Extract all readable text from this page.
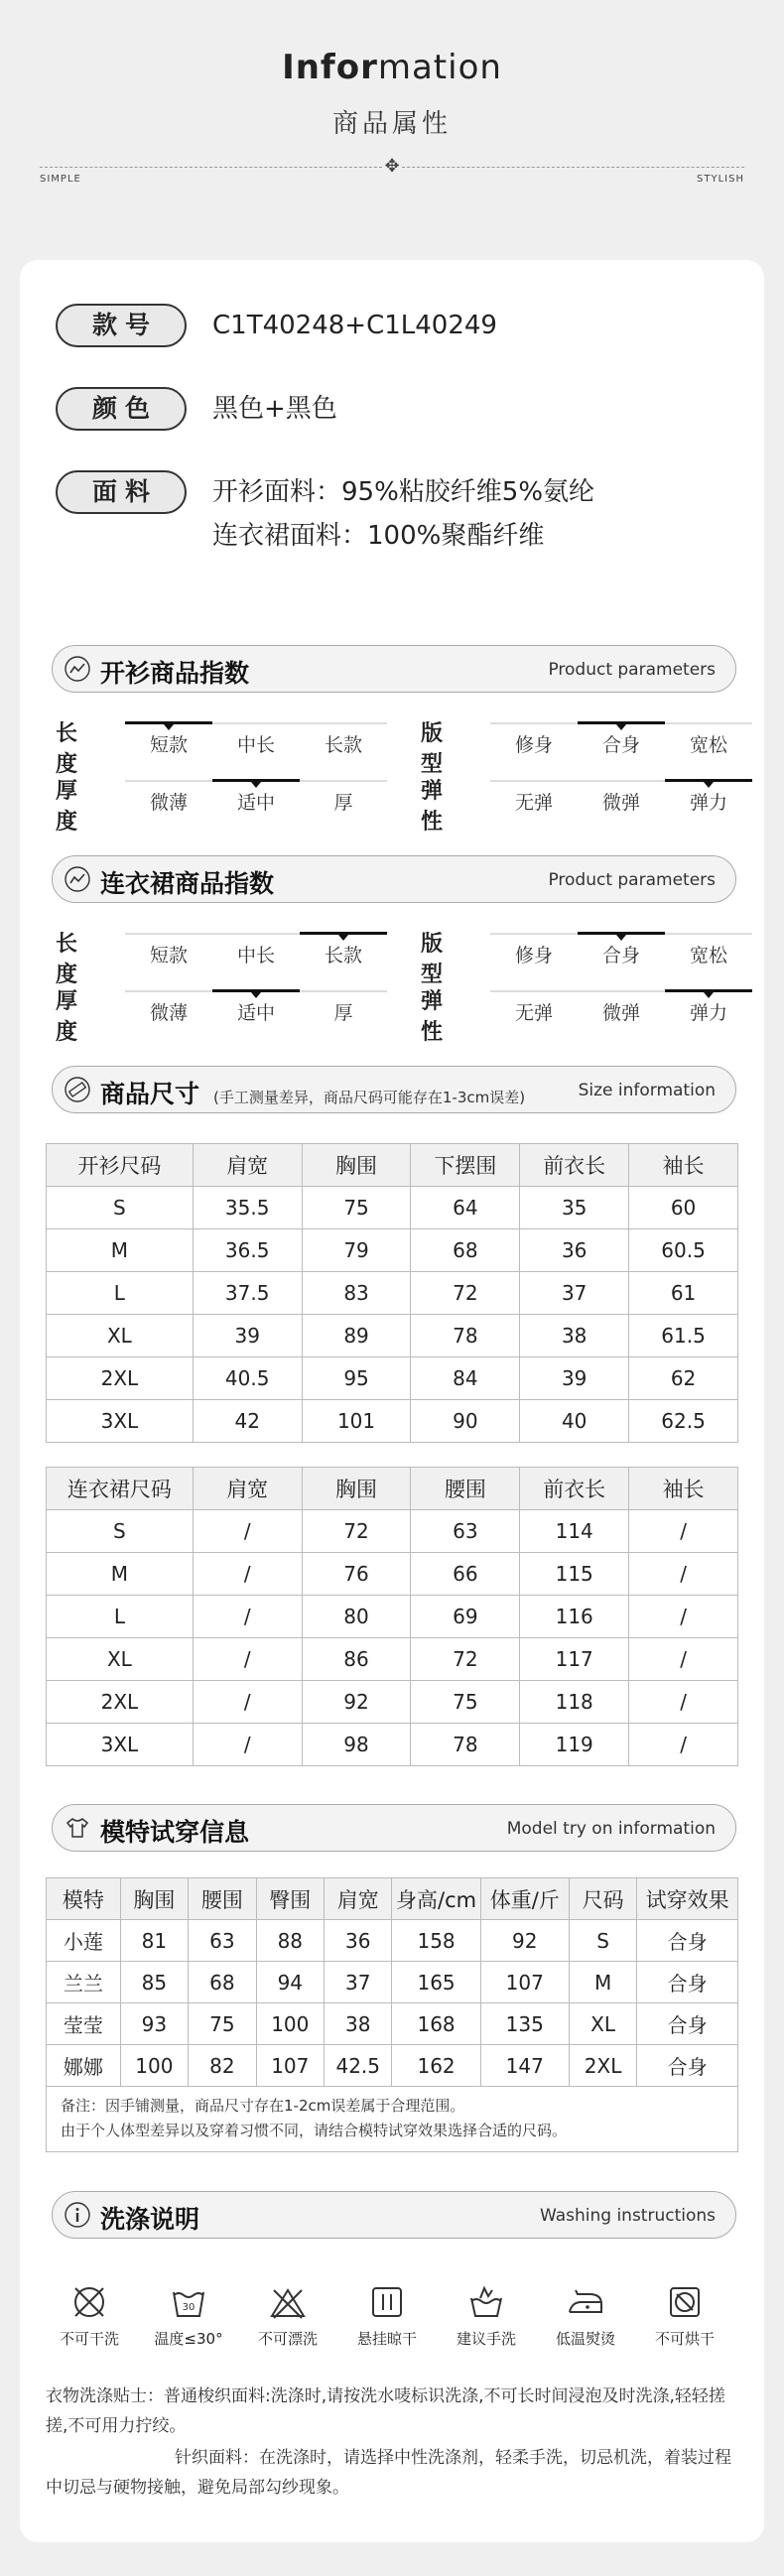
Information
商品属性
✥
SIMPLE	STYLISH
款号	C1T40248+C1L40249
颜色	黑色+黑色
面料	开衫面料：95%粘胶纤维5%氨纶
连衣裙面料：100%聚酯纤维
开衫商品指数	Product parameters
长度
短款	中长	长款	版型
修身	合身	宽松
厚度
微薄	适中	厚	弹性
无弹	微弹	弹力
连衣裙商品指数	Product parameters
长度
短款	中长	长款	版型
修身	合身	宽松
厚度
微薄	适中	厚	弹性
无弹	微弹	弹力
商品尺寸 (手工测量差异，商品尺码可能存在1-3cm误差)	Size information
开衫尺码	肩宽	胸围	下摆围	前衣长	袖长
S	35.5	75	64	35	60
M	36.5	79	68	36	60.5
L	37.5	83	72	37	61
XL	39	89	78	38	61.5
2XL	40.5	95	84	39	62
3XL	42	101	90	40	62.5
连衣裙尺码	肩宽	胸围	腰围	前衣长	袖长
S	/	72	63	114	/
M	/	76	66	115	/
L	/	80	69	116	/
XL	/	86	72	117	/
2XL	/	92	75	118	/
3XL	/	98	78	119	/
模特试穿信息	Model try on information
模特	胸围	腰围	臀围	肩宽	身高/cm	体重/斤	尺码	试穿效果
小莲	81	63	88	36	158	92	S	合身
兰兰	85	68	94	37	165	107	M	合身
莹莹	93	75	100	38	168	135	XL	合身
娜娜	100	82	107	42.5	162	147	2XL	合身
备注：因手铺测量，商品尺寸存在1-2cm误差属于合理范围。
由于个人体型差异以及穿着习惯不同，请结合模特试穿效果选择合适的尺码。
洗涤说明	Washing instructions
不可干洗
30
温度≤30°	不可漂洗	悬挂晾干	建议手洗	低温熨烫	不可烘干
衣物洗涤贴士：普通梭织面料:洗涤时,请按洗水唛标识洗涤,不可长时间浸泡及时洗涤,轻轻搓搓,不可用力拧绞。
针织面料：在洗涤时，请选择中性洗涤剂，轻柔手洗，切忌机洗，着装过程中切忌与硬物接触，避免局部勾纱现象。
